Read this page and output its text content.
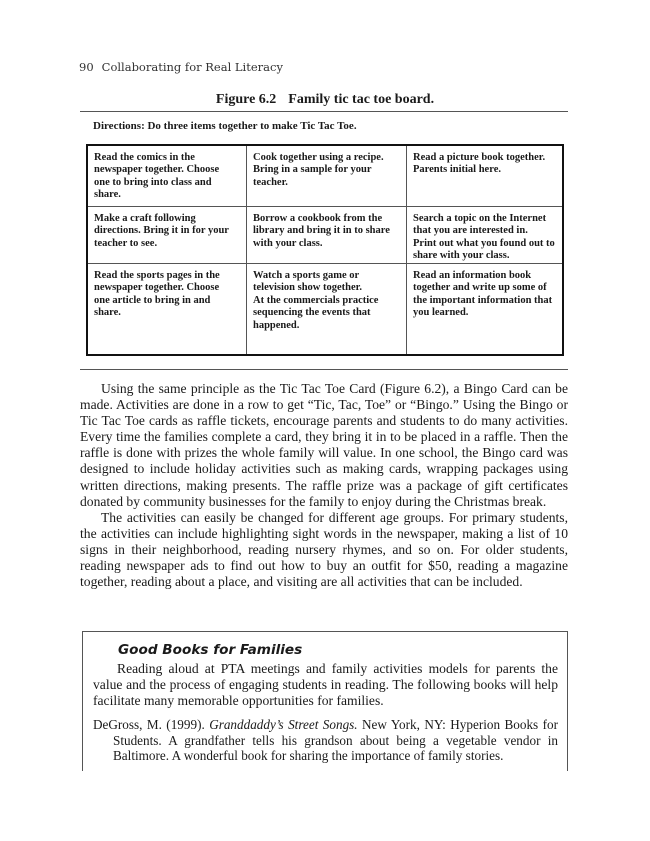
90 Collaborating for Real Literacy
Figure 6.2 Family tic tac toe board.
Directions: Do three items together to make Tic Tac Toe.
Read the comics in the
newspaper together. Choose
one to bring into class and
share.
Cook together using a recipe.
Bring in a sample for your
teacher.
Read a picture book together.
Parents initial here.
Make a craft following
directions. Bring it in for your
teacher to see.
Borrow a cookbook from the
library and bring it in to share
with your class.
Search a topic on the Internet
that you are interested in.
Print out what you found out to
share with your class.
Read the sports pages in the
newspaper together. Choose
one article to bring in and
share.
Watch a sports game or
television show together.
At the commercials practice
sequencing the events that
happened.
Read an information book
together and write up some of
the important information that
you learned.

Using the same principle as the Tic Tac Toe Card (Figure 6.2), a Bingo Card can be made. Activities are done in a row to get “Tic, Tac, Toe” or “Bingo.” Using the Bingo or Tic Tac Toe cards as raffle tickets, encourage parents and students to do many activities. Every time the families complete a card, they bring it in to be placed in a raffle. Then the raffle is done with prizes the whole family will value. In one school, the Bingo card was designed to include holiday activities such as making cards, wrapping packages using written directions, making presents. The raffle prize was a package of gift certificates donated by community businesses for the family to enjoy during the Christmas break.

The activities can easily be changed for different age groups. For primary students, the activities can include highlighting sight words in the newspaper, making a list of 10 signs in their neighborhood, reading nursery rhymes, and so on. For older students, reading newspaper ads to find out how to buy an outfit for $50, reading a magazine together, reading about a place, and visiting are all activities that can be included.

Good Books for Families

Reading aloud at PTA meetings and family activities models for parents the value and the process of engaging students in reading. The following books will help facilitate many memorable opportunities for families.

DeGross, M. (1999). Granddaddy’s Street Songs. New York, NY: Hyperion Books for Students. A grandfather tells his grandson about being a vegetable vendor in Baltimore. A wonderful book for sharing the importance of family stories.
